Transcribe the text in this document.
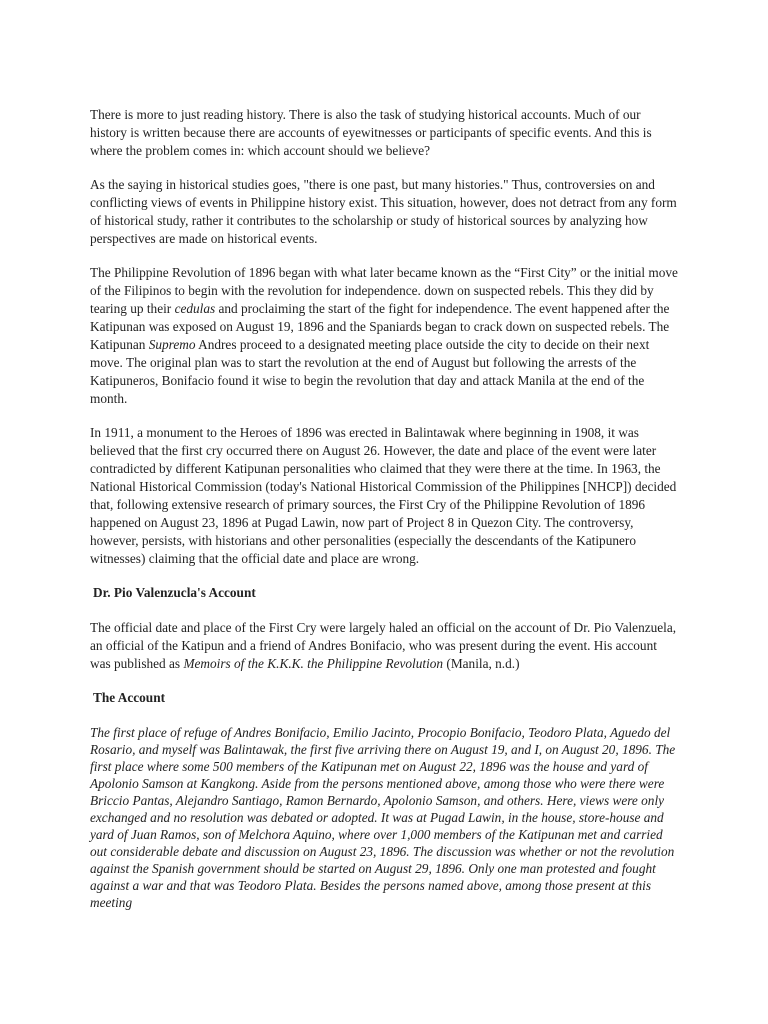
There is more to just reading history. There is also the task of studying historical accounts. Much of our history is written because there are accounts of eyewitnesses or participants of specific events. And this is where the problem comes in: which account should we believe?

As the saying in historical studies goes, "there is one past, but many histories." Thus, controversies on and conflicting views of events in Philippine history exist. This situation, however, does not detract from any form of historical study, rather it contributes to the scholarship or study of historical sources by analyzing how perspectives are made on historical events.

The Philippine Revolution of 1896 began with what later became known as the “First City” or the initial move of the Filipinos to begin with the revolution for independence. down on suspected rebels. This they did by tearing up their cedulas and proclaiming the start of the fight for independence. The event happened after the Katipunan was exposed on August 19, 1896 and the Spaniards began to crack down on suspected rebels. The Katipunan Supremo Andres proceed to a designated meeting place outside the city to decide on their next move. The original plan was to start the revolution at the end of August but following the arrests of the Katipuneros, Bonifacio found it wise to begin the revolution that day and attack Manila at the end of the month.

In 1911, a monument to the Heroes of 1896 was erected in Balintawak where beginning in 1908, it was believed that the first cry occurred there on August 26. However, the date and place of the event were later contradicted by different Katipunan personalities who claimed that they were there at the time. In 1963, the National Historical Commission (today's National Historical Commission of the Philippines [NHCP]) decided that, following extensive research of primary sources, the First Cry of the Philippine Revolution of 1896 happened on August 23, 1896 at Pugad Lawin, now part of Project 8 in Quezon City. The controversy, however, persists, with historians and other personalities (especially the descendants of the Katipunero witnesses) claiming that the official date and place are wrong.

Dr. Pio Valenzucla's Account

The official date and place of the First Cry were largely haled an official on the account of Dr. Pio Valenzuela, an official of the Katipun and a friend of Andres Bonifacio, who was present during the event. His account was published as Memoirs of the K.K.K. the Philippine Revolution (Manila, n.d.)

The Account

The first place of refuge of Andres Bonifacio, Emilio Jacinto, Procopio Bonifacio, Teodoro Plata, Aguedo del Rosario, and myself was Balintawak, the first five arriving there on August 19, and I, on August 20, 1896. The first place where some 500 members of the Katipunan met on August 22, 1896 was the house and yard of Apolonio Samson at Kangkong. Aside from the persons mentioned above, among those who were there were Briccio Pantas, Alejandro Santiago, Ramon Bernardo, Apolonio Samson, and others. Here, views were only exchanged and no resolution was debated or adopted. It was at Pugad Lawin, in the house, store-house and yard of Juan Ramos, son of Melchora Aquino, where over 1,000 members of the Katipunan met and carried out considerable debate and discussion on August 23, 1896. The discussion was whether or not the revolution against the Spanish government should be started on August 29, 1896. Only one man protested and fought against a war and that was Teodoro Plata. Besides the persons named above, among those present at this meeting
